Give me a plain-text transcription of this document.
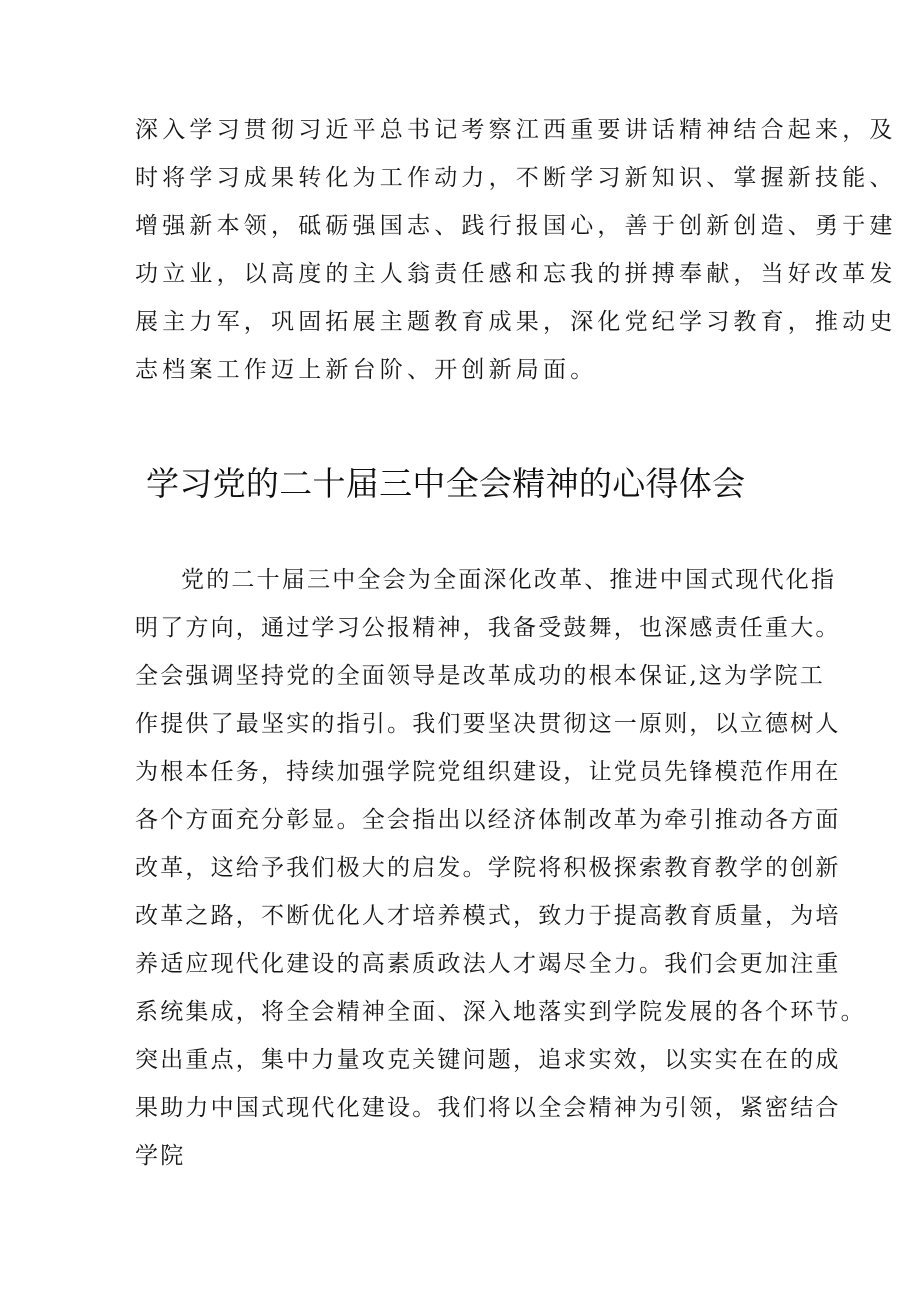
深入学习贯彻习近平总书记考察江西重要讲话精神结合起来，及
时将学习成果转化为工作动力，不断学习新知识、掌握新技能、
增强新本领，砥砺强国志、践行报国心，善于创新创造、勇于建
功立业，以高度的主人翁责任感和忘我的拼搏奉献，当好改革发
展主力军，巩固拓展主题教育成果，深化党纪学习教育，推动史
志档案工作迈上新台阶、开创新局面。
学习党的二十届三中全会精神的心得体会
党的二十届三中全会为全面深化改革、推进中国式现代化指
明了方向，通过学习公报精神，我备受鼓舞，也深感责任重大。
全会强调坚持党的全面领导是改革成功的根本保证,这为学院工
作提供了最坚实的指引。我们要坚决贯彻这一原则，以立德树人
为根本任务，持续加强学院党组织建设，让党员先锋模范作用在
各个方面充分彰显。全会指出以经济体制改革为牵引推动各方面
改革，这给予我们极大的启发。学院将积极探索教育教学的创新
改革之路，不断优化人才培养模式，致力于提高教育质量，为培
养适应现代化建设的高素质政法人才竭尽全力。我们会更加注重
系统集成，将全会精神全面、深入地落实到学院发展的各个环节。
突出重点，集中力量攻克关键问题，追求实效，以实实在在的成
果助力中国式现代化建设。我们将以全会精神为引领，紧密结合
学院
